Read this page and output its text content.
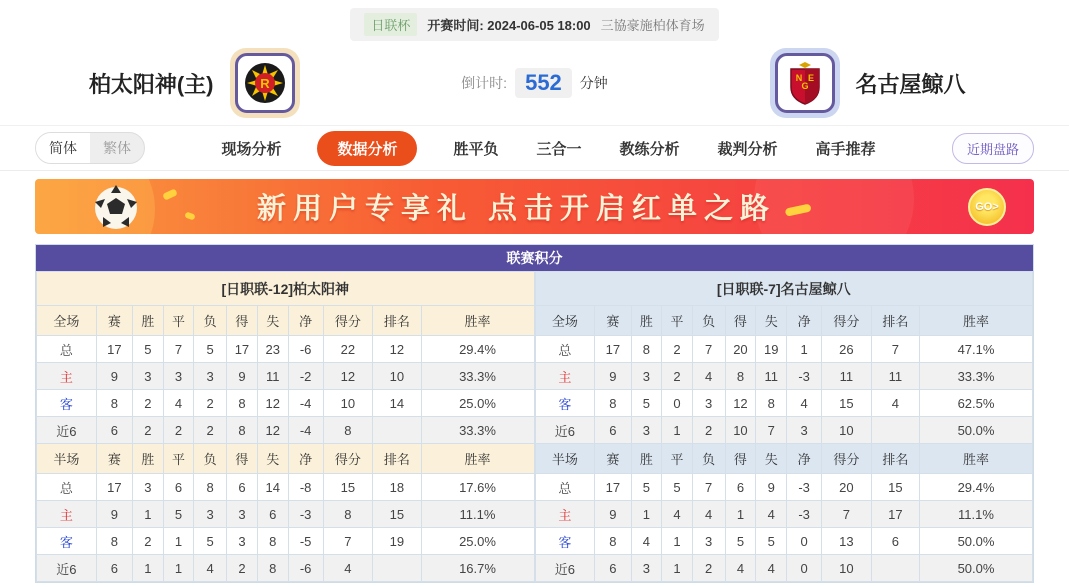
日联杯	开赛时间: 2024-06-05 18:00 三協豪施柏体育场
柏太阳神(主)	R	倒计时: 552	分钟	N
G
E 名古屋鲸八
简体	繁体	现场分析	数据分析	胜平负	三合一	教练分析	裁判分析	高手推荐	近期盘路
新用户专享礼 点击开启红单之路	GO>
联赛积分
[日职联-12]柏太阳神										
全场	赛	胜	平	负	得	失	净	得分	排名	胜率
总	17	5	7	5	17	23	-6	22	12	29.4%
主	9	3	3	3	9	11	-2	12	10	33.3%
客	8	2	4	2	8	12	-4	10	14	25.0%
近6	6	2	2	2	8	12	-4	8		33.3%
半场	赛	胜	平	负	得	失	净	得分	排名	胜率
总	17	3	6	8	6	14	-8	15	18	17.6%
主	9	1	5	3	3	6	-3	8	15	11.1%
客	8	2	1	5	3	8	-5	7	19	25.0%
近6	6	1	1	4	2	8	-6	4		16.7%
[日职联-7]名古屋鲸八										
全场	赛	胜	平	负	得	失	净	得分	排名	胜率
总	17	8	2	7	20	19	1	26	7	47.1%
主	9	3	2	4	8	11	-3	11	11	33.3%
客	8	5	0	3	12	8	4	15	4	62.5%
近6	6	3	1	2	10	7	3	10		50.0%
半场	赛	胜	平	负	得	失	净	得分	排名	胜率
总	17	5	5	7	6	9	-3	20	15	29.4%
主	9	1	4	4	1	4	-3	7	17	11.1%
客	8	4	1	3	5	5	0	13	6	50.0%
近6	6	3	1	2	4	4	0	10		50.0%
